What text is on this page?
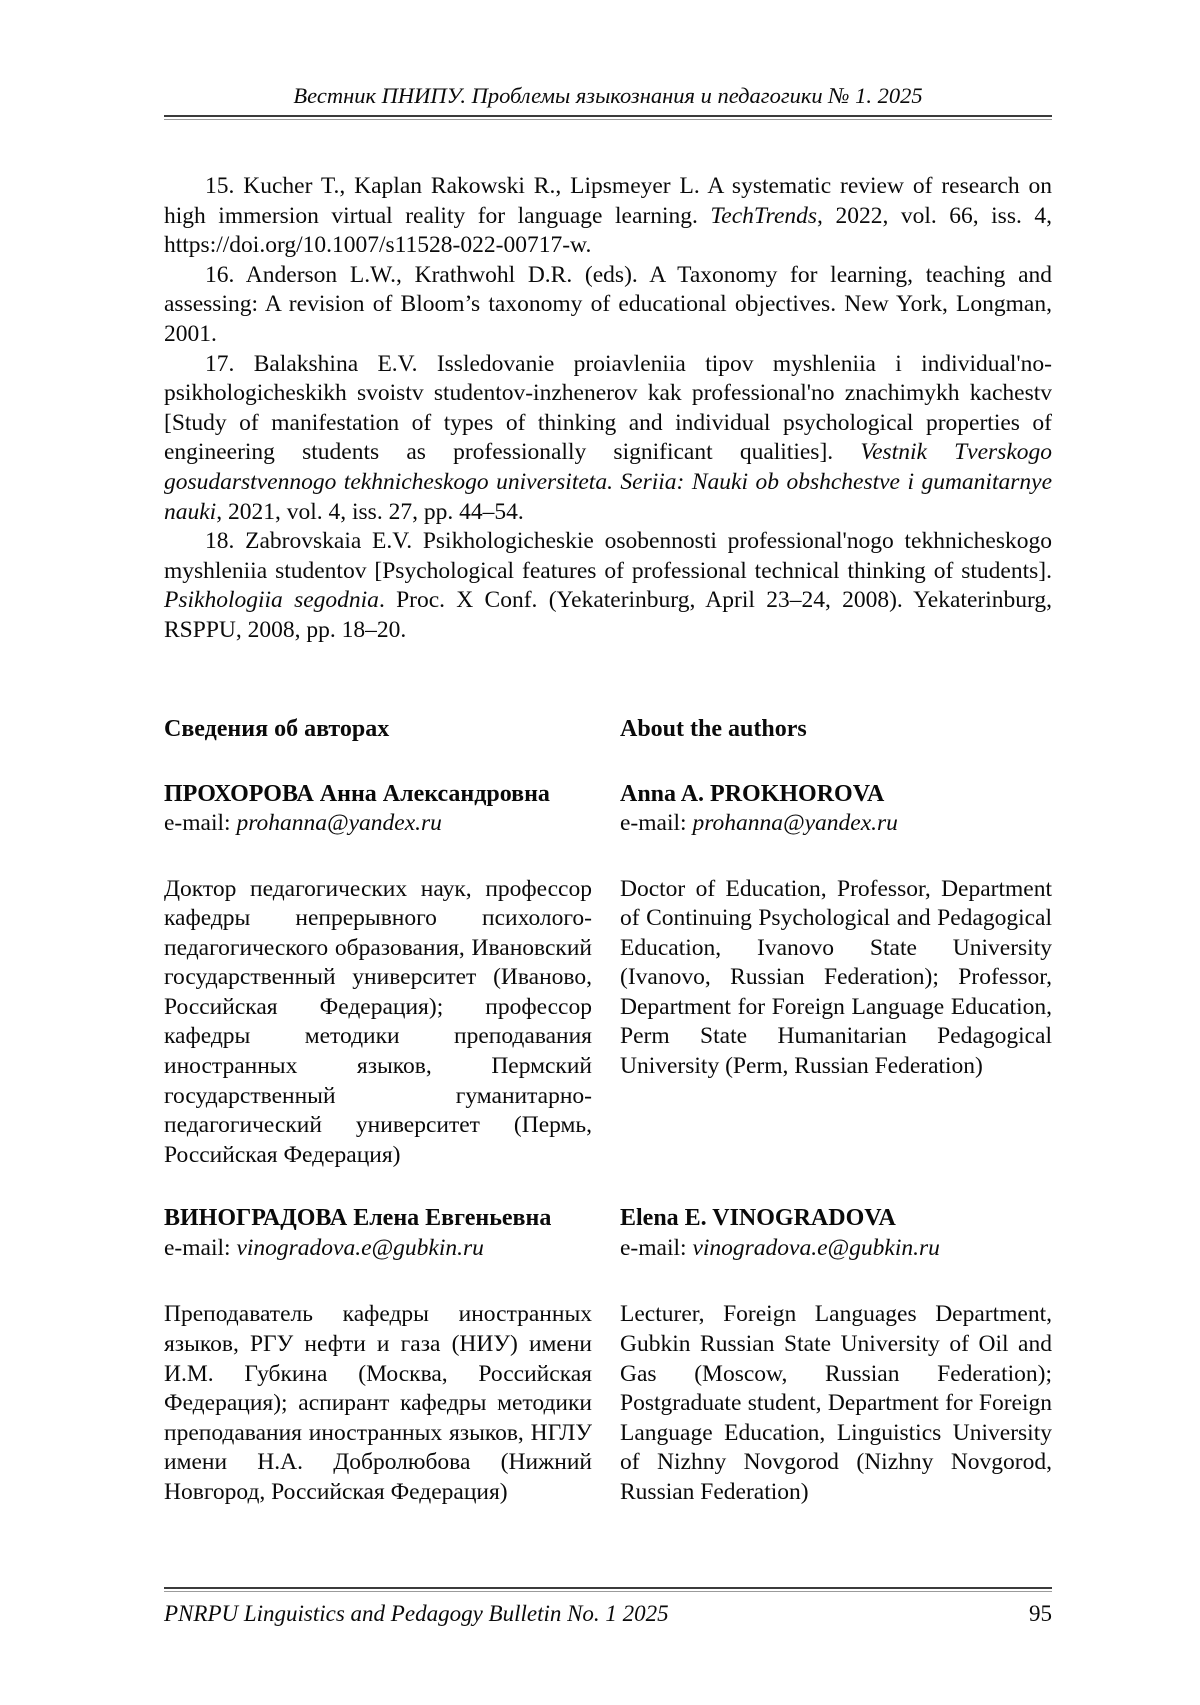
Вестник ПНИПУ. Проблемы языкознания и педагогики № 1. 2025

15. Kucher T., Kaplan Rakowski R., Lipsmeyer L. A systematic review of research on high immersion virtual reality for language learning. TechTrends, 2022, vol. 66, iss. 4, https://doi.org/10.1007/s11528-022-00717-w.

16. Anderson L.W., Krathwohl D.R. (eds). A Taxonomy for learning, teaching and assessing: A revision of Bloom’s taxonomy of educational objectives. New York, Longman, 2001.

17. Balakshina E.V. Issledovanie proiavleniia tipov myshleniia i individual'no-psikhologicheskikh svoistv studentov-inzhenerov kak professional'no znachimykh kachestv [Study of manifestation of types of thinking and individual psychological properties of engineering students as professionally significant qualities]. Vestnik Tverskogo gosudarstvennogo tekhnicheskogo universiteta. Seriia: Nauki ob obshchestve i gumanitarnye nauki, 2021, vol. 4, iss. 27, pp. 44–54.

18. Zabrovskaia E.V. Psikhologicheskie osobennosti professional'nogo tekhnicheskogo myshleniia studentov [Psychological features of professional technical thinking of students]. Psikhologiia segodnia. Proc. X Conf. (Yekaterinburg, April 23–24, 2008). Yekaterinburg, RSPPU, 2008, pp. 18–20.

Сведения об авторах	About the authors
ПРОХОРОВА Анна Александровна
e-mail: prohanna@yandex.ru
Anna A. PROKHOROVA
e-mail: prohanna@yandex.ru
Доктор педагогических наук, профессор кафедры непрерывного психолого-педагогического образования, Ивановский государственный университет (Иваново, Российская Федерация); профессор кафедры методики преподавания иностранных языков, Пермский государственный гуманитарно-педагогический университет (Пермь, Российская Федерация)
Doctor of Education, Professor, Department of Continuing Psychological and Pedagogical Education, Ivanovo State University (Ivanovo, Russian Federation); Professor, Department for Foreign Language Education, Perm State Humanitarian Pedagogical University (Perm, Russian Federation)
ВИНОГРАДОВА Елена Евгеньевна
e-mail: vinogradova.e@gubkin.ru
Elena E. VINOGRADOVA
e-mail: vinogradova.e@gubkin.ru
Преподаватель кафедры иностранных языков, РГУ нефти и газа (НИУ) имени И.М. Губкина (Москва, Российская Федерация); аспирант кафедры методики преподавания иностранных языков, НГЛУ имени Н.А. Добролюбова (Нижний Новгород, Российская Федерация)
Lecturer, Foreign Languages Department, Gubkin Russian State University of Oil and Gas (Moscow, Russian Federation); Postgraduate student, Department for Foreign Language Education, Linguistics University of Nizhny Novgorod (Nizhny Novgorod, Russian Federation)
PNRPU Linguistics and Pedagogy Bulletin No. 1 2025	95
